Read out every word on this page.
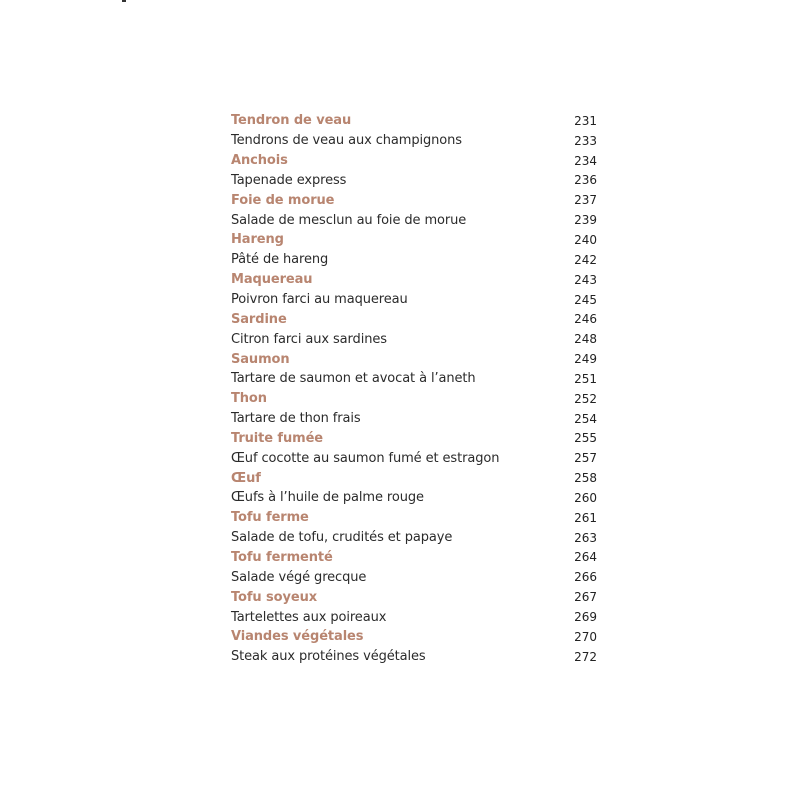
Tendron de veau	231
Tendrons de veau aux champignons	233
Anchois	234
Tapenade express	236
Foie de morue	237
Salade de mesclun au foie de morue	239
Hareng	240
Pâté de hareng	242
Maquereau	243
Poivron farci au maquereau	245
Sardine	246
Citron farci aux sardines	248
Saumon	249
Tartare de saumon et avocat à l’aneth	251
Thon	252
Tartare de thon frais	254
Truite fumée	255
Œuf cocotte au saumon fumé et estragon	257
Œuf	258
Œufs à l’huile de palme rouge	260
Tofu ferme	261
Salade de tofu, crudités et papaye	263
Tofu fermenté	264
Salade végé grecque	266
Tofu soyeux	267
Tartelettes aux poireaux	269
Viandes végétales	270
Steak aux protéines végétales	272
